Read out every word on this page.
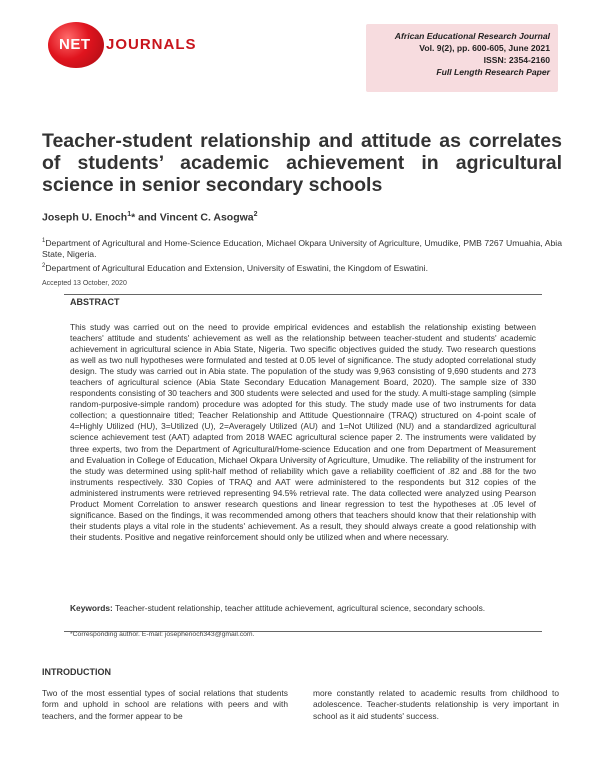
NET JOURNALS	African Educational Research Journal
Vol. 9(2), pp. 600-605, June 2021
ISSN: 2354-2160
Full Length Research Paper
Teacher-student relationship and attitude as correlates of students’ academic achievement in agricultural science in senior secondary schools
Joseph U. Enoch$^1$* and Vincent C. Asogwa$^2$
$^1$Department of Agricultural and Home-Science Education, Michael Okpara University of Agriculture, Umudike, PMB 7267 Umuahia, Abia State, Nigeria.
$^2$Department of Agricultural Education and Extension, University of Eswatini, the Kingdom of Eswatini.
Accepted 13 October, 2020
ABSTRACT
This study was carried out on the need to provide empirical evidences and establish the relationship existing between teachers' attitude and students' achievement as well as the relationship between teacher-student and students' academic achievement in agricultural science in Abia State, Nigeria. Two specific objectives guided the study. Two research questions as well as two null hypotheses were formulated and tested at 0.05 level of significance. The study adopted correlational study design. The study was carried out in Abia state. The population of the study was 9,963 consisting of 9,690 students and 273 teachers of agricultural science (Abia State Secondary Education Management Board, 2020). The sample size of 330 respondents consisting of 30 teachers and 300 students were selected and used for the study. A multi-stage sampling (simple random-purposive-simple random) procedure was adopted for this study. The study made use of two instruments for data collection; a questionnaire titled; Teacher Relationship and Attitude Questionnaire (TRAQ) structured on 4-point scale of 4=Highly Utilized (HU), 3=Utilized (U), 2=Averagely Utilized (AU) and 1=Not Utilized (NU) and a standardized agricultural science achievement test (AAT) adapted from 2018 WAEC agricultural science paper 2. The instruments were validated by three experts, two from the Department of Agricultural/Home-science Education and one from Department of Measurement and Evaluation in College of Education, Michael Okpara University of Agriculture, Umudike. The reliability of the instrument for the study was determined using split-half method of reliability which gave a reliability coefficient of .82 and .88 for the two instruments respectively. 330 Copies of TRAQ and AAT were administered to the respondents but 312 copies of the administered instruments were retrieved representing 94.5% retrieval rate. The data collected were analyzed using Pearson Product Moment Correlation to answer research questions and linear regression to test the hypotheses at .05 level of significance. Based on the findings, it was recommended among others that teachers should know that their relationship with their students plays a vital role in the students' achievement. As a result, they should always create a good relationship with their students. Positive and negative reinforcement should only be utilized when and where necessary.
Keywords: Teacher-student relationship, teacher attitude achievement, agricultural science, secondary schools.
*Corresponding author. E-mail: josephenoch343@gmail.com.
INTRODUCTION
Two of the most essential types of social relations that students form and uphold in school are relations with peers and with teachers, and the former appear to be
more constantly related to academic results from childhood to adolescence. Teacher-students relationship is very important in school as it aid students' success.
